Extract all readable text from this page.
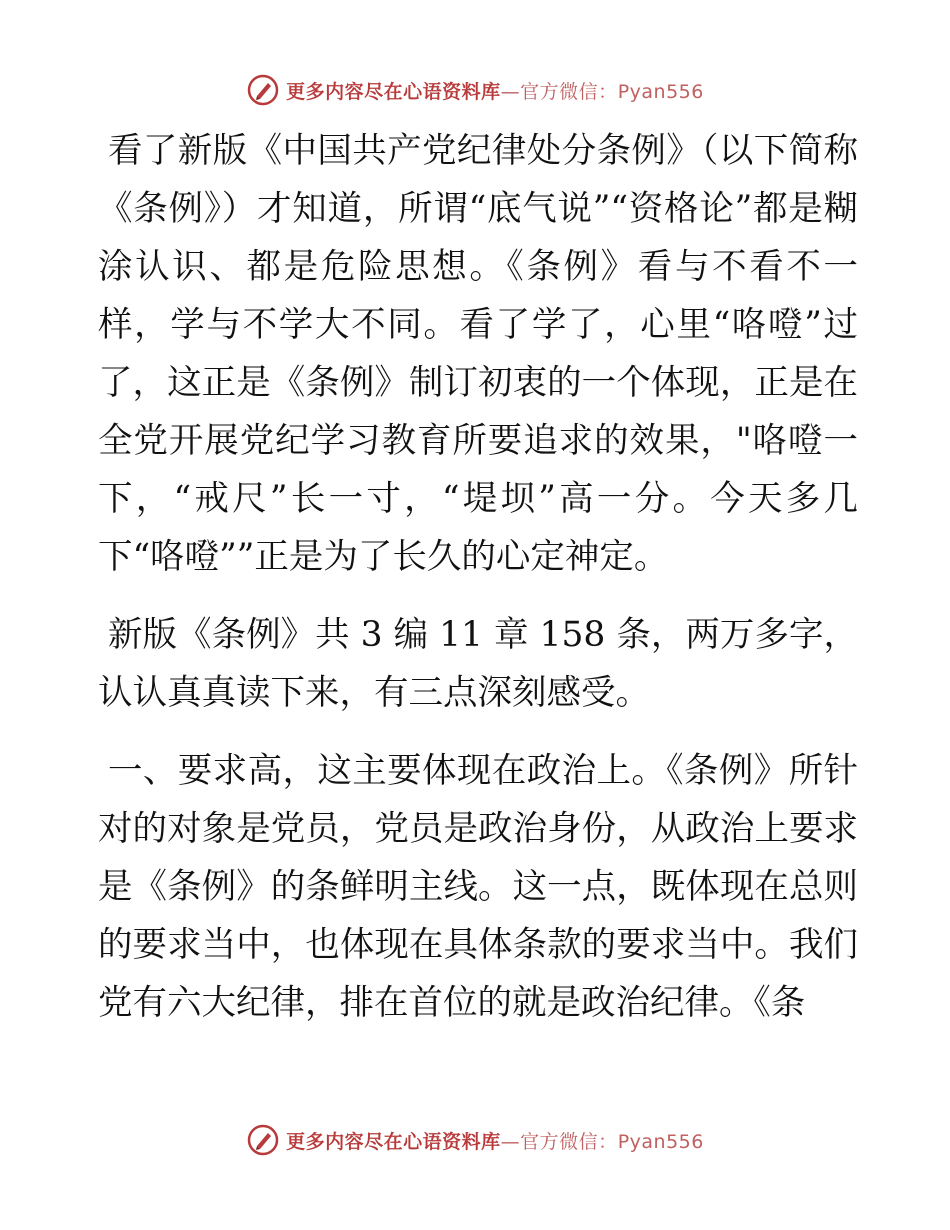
更多内容尽在心语资料库—官方微信：Pyan556

看了新版《中国共产党纪律处分条例》（以下简称《条例》）才知道，所谓“底气说”“资格论”都是糊涂认识、都是危险思想。《条例》看与不看不一样，学与不学大不同。看了学了，心里“咯噔”过了，这正是《条例》制订初衷的一个体现，正是在全党开展党纪学习教育所要追求的效果，"咯噔一下，“戒尺”长一寸，“堤坝”高一分。今天多几下“咯噔””正是为了长久的心定神定。

新版《条例》共 3 编 11 章 158 条，两万多字，认认真真读下来，有三点深刻感受。

一、要求高，这主要体现在政治上。《条例》所针对的对象是党员，党员是政治身份，从政治上要求是《条例》的条鲜明主线。这一点，既体现在总则的要求当中，也体现在具体条款的要求当中。我们党有六大纪律，排在首位的就是政治纪律。《条

更多内容尽在心语资料库—官方微信：Pyan556
